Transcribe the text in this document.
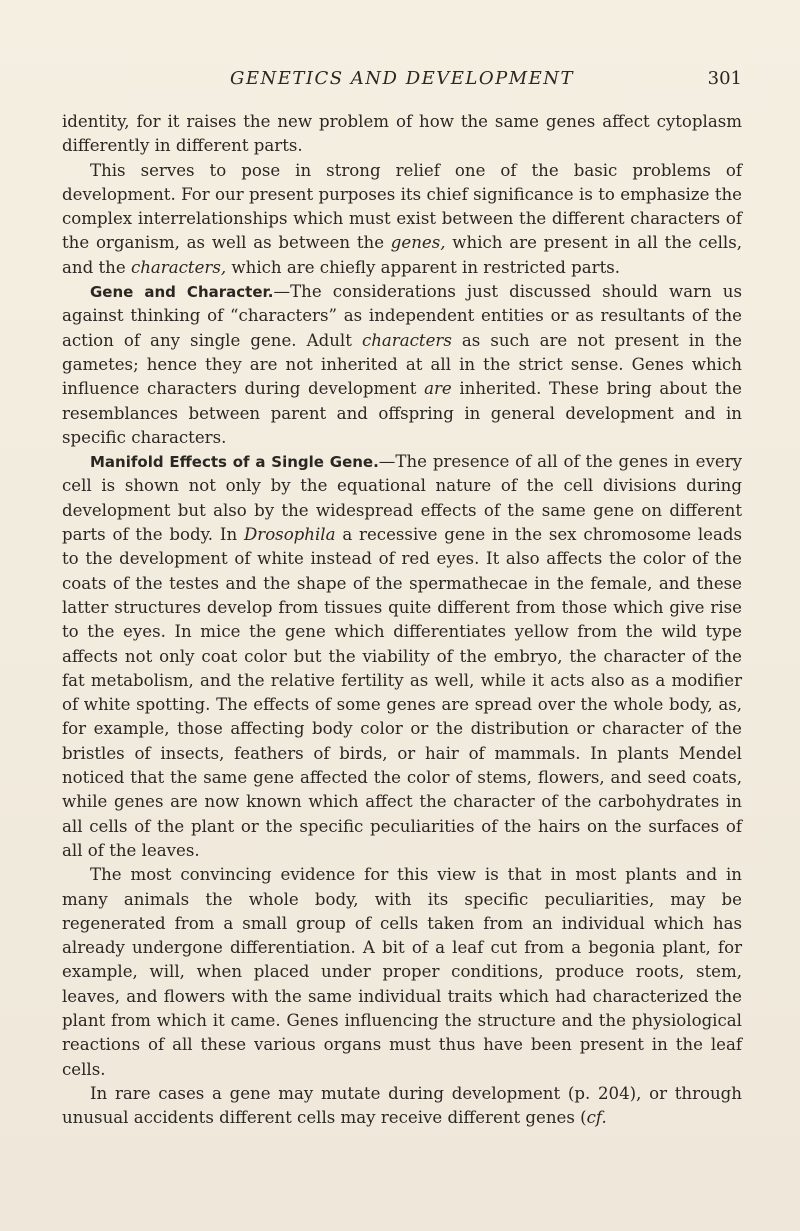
GENETICS AND DEVELOPMENT	301

identity, for it raises the new problem of how the same genes affect cytoplasm differently in different parts.

This serves to pose in strong relief one of the basic problems of development. For our present purposes its chief significance is to emphasize the complex interrelationships which must exist between the different characters of the organism, as well as between the genes, which are present in all the cells, and the characters, which are chiefly apparent in restricted parts.

Gene and Character.—The considerations just discussed should warn us against thinking of “characters” as independent entities or as resultants of the action of any single gene. Adult characters as such are not present in the gametes; hence they are not inherited at all in the strict sense. Genes which influence characters during development are inherited. These bring about the resemblances between parent and offspring in general development and in specific characters.

Manifold Effects of a Single Gene.—The presence of all of the genes in every cell is shown not only by the equational nature of the cell divisions during development but also by the widespread effects of the same gene on different parts of the body. In Drosophila a recessive gene in the sex chromosome leads to the development of white instead of red eyes. It also affects the color of the coats of the testes and the shape of the spermathecae in the female, and these latter structures develop from tissues quite different from those which give rise to the eyes. In mice the gene which differentiates yellow from the wild type affects not only coat color but the viability of the embryo, the character of the fat metabolism, and the relative fertility as well, while it acts also as a modifier of white spotting. The effects of some genes are spread over the whole body, as, for example, those affecting body color or the distribution or character of the bristles of insects, feathers of birds, or hair of mammals. In plants Mendel noticed that the same gene affected the color of stems, flowers, and seed coats, while genes are now known which affect the character of the carbohydrates in all cells of the plant or the specific peculiarities of the hairs on the surfaces of all of the leaves.

The most convincing evidence for this view is that in most plants and in many animals the whole body, with its specific peculiarities, may be regenerated from a small group of cells taken from an individual which has already undergone differentiation. A bit of a leaf cut from a begonia plant, for example, will, when placed under proper conditions, produce roots, stem, leaves, and flowers with the same individual traits which had characterized the plant from which it came. Genes influencing the structure and the physiological reactions of all these various organs must thus have been present in the leaf cells.

In rare cases a gene may mutate during development (p. 204), or through unusual accidents different cells may receive different genes (cf.
